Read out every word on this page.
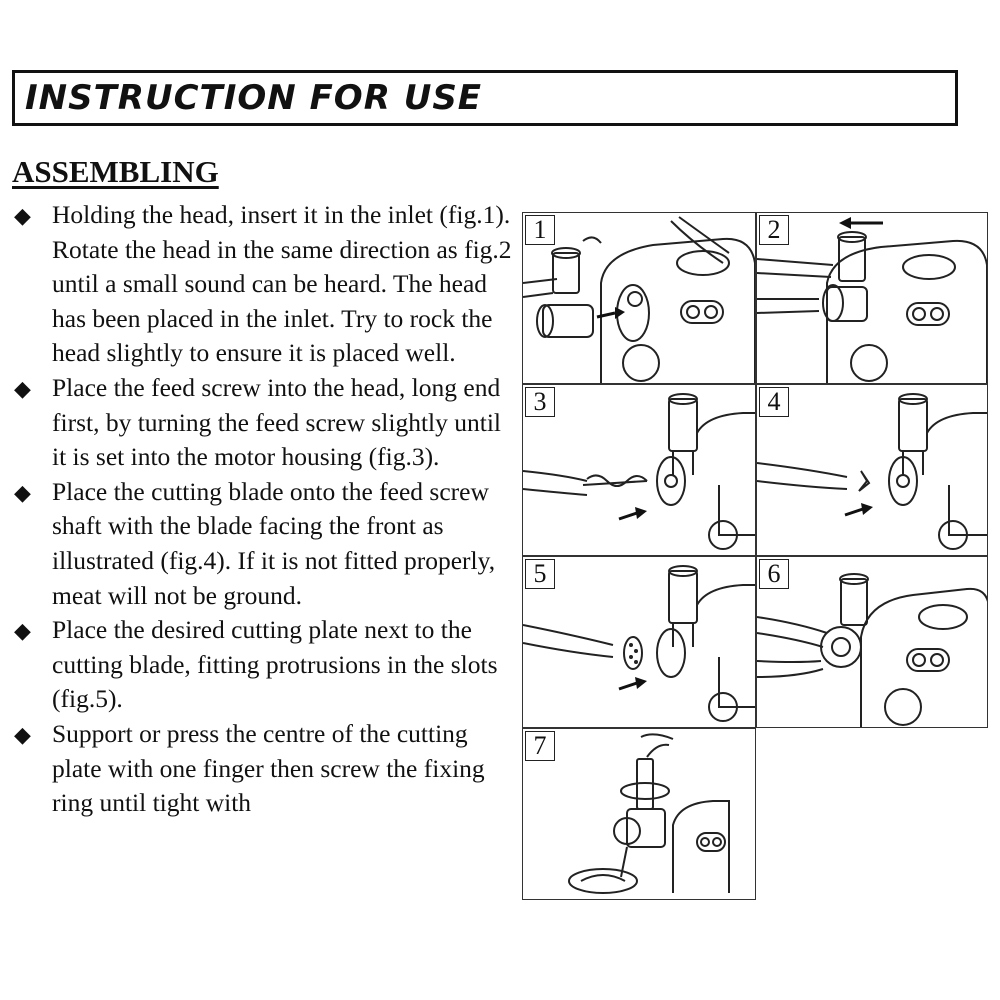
INSTRUCTION FOR USE
ASSEMBLING
◆ Holding the head, insert it in the inlet (fig.1). Rotate the head in the same direction as fig.2 until a small sound can be heard. The head has been placed in the inlet. Try to rock the head slightly to ensure it is placed well.
◆ Place the feed screw into the head, long end first, by turning the feed screw slightly until it is set into the motor housing (fig.3).
◆ Place the cutting blade onto the feed screw shaft with the blade facing the front as illustrated (fig.4). If it is not fitted properly, meat will not be ground.
◆ Place the desired cutting plate next to the cutting blade, fitting protrusions in the slots (fig.5).
◆ Support or press the centre of the cutting plate with one finger then screw the fixing ring until tight with
1	2
3	4
5	6
7
